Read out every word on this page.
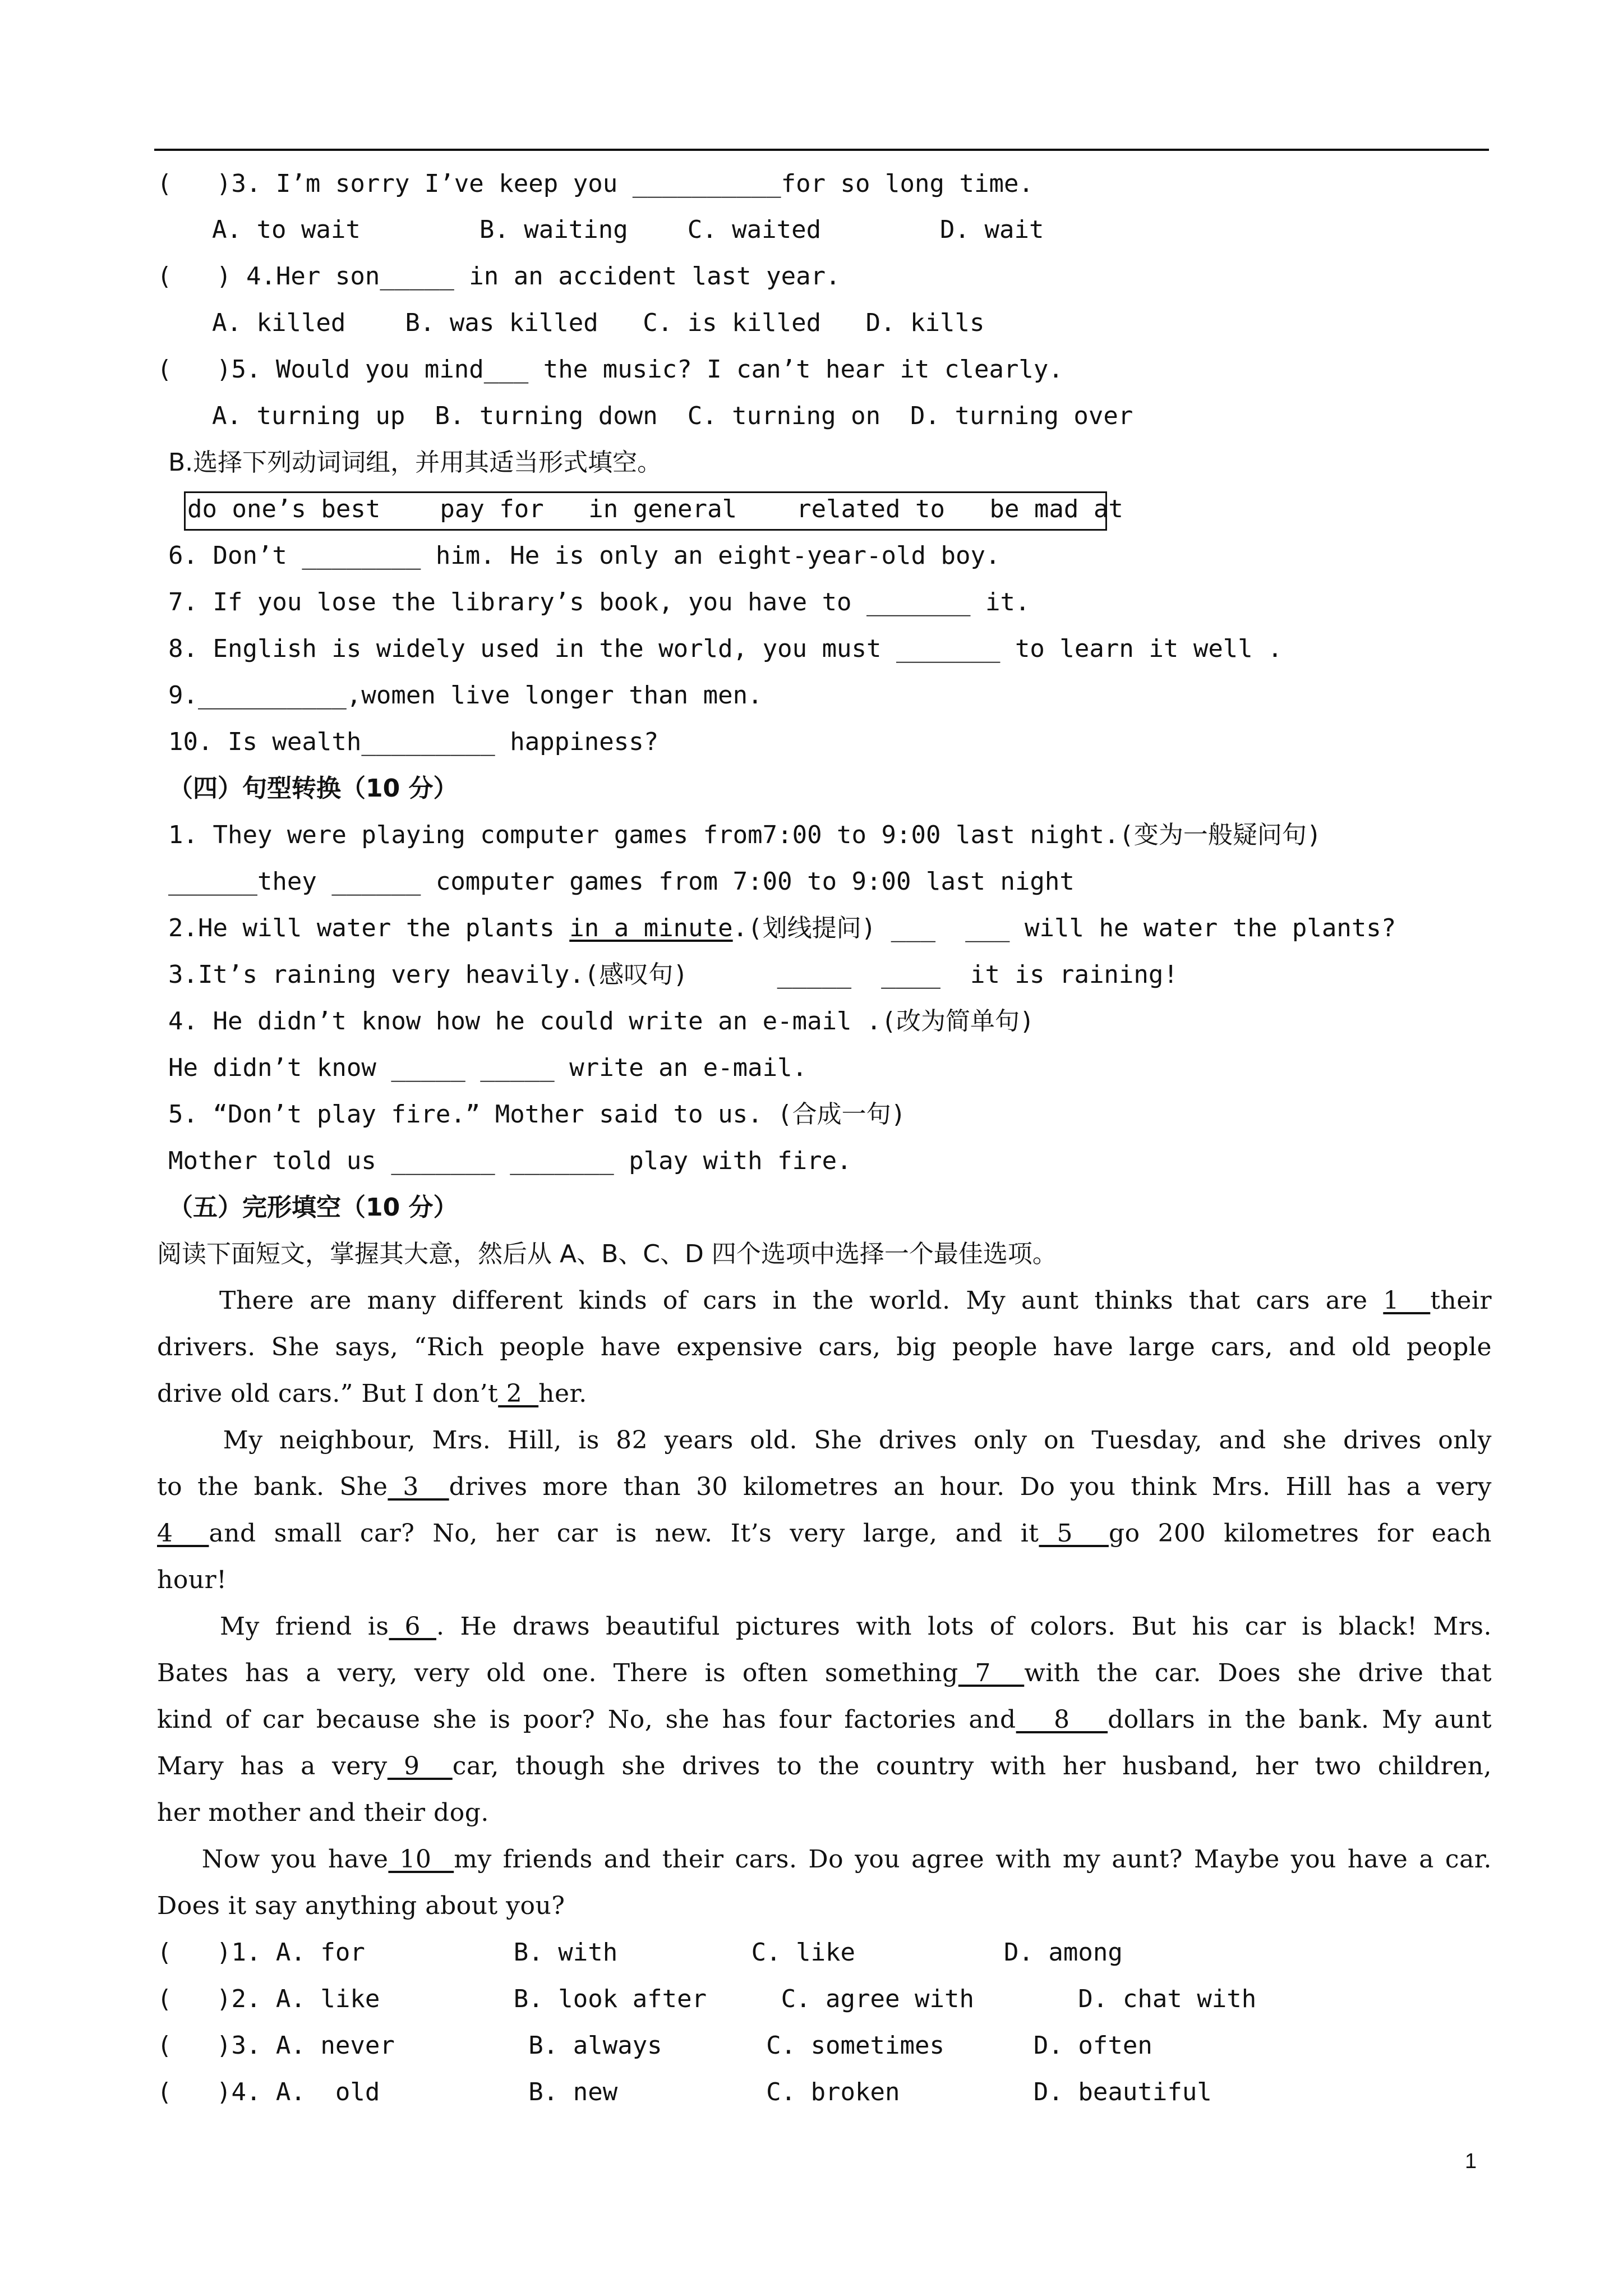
(   )3. I’m sorry I’ve keep you __________for so long time.
A. to wait        B. waiting    C. waited        D. wait
(   ) 4.Her son_____ in an accident last year.
A. killed    B. was killed   C. is killed   D. kills
(   )5. Would you mind___ the music? I can’t hear it clearly.
A. turning up  B. turning down  C. turning on  D. turning over
B.选择下列动词词组，并用其适当形式填空。
do one’s best    pay for   in general    related to   be mad at
6. Don’t ________ him. He is only an eight-year-old boy.
7. If you lose the library’s book, you have to _______ it.
8. English is widely used in the world, you must _______ to learn it well .
9.__________,women live longer than men.
10. Is wealth_________ happiness?
（四）句型转换（10 分）
1. They were playing computer games from7:00 to 9:00 last night.(变为一般疑问句)
______they ______ computer games from 7:00 to 9:00 last night
2.He will water the plants in a minute.(划线提问) ___  ___ will he water the plants?
3.It’s raining very heavily.(感叹句)      _____  ____  it is raining!
4. He didn’t know how he could write an e-mail .(改为简单句)
He didn’t know _____ _____ write an e-mail.
5. “Don’t play fire.” Mother said to us. (合成一句)
Mother told us _______ _______ play with fire.
（五）完形填空（10 分）
阅读下面短文，掌握其大意，然后从 A、B、C、D 四个选项中选择一个最佳选项。
There are many different kinds of cars in the world. My aunt thinks that cars are 1  their
drivers. She says, “Rich people have expensive cars, big people have large cars, and old people
drive old cars.” But I don’t 2  her.
My neighbour, Mrs. Hill, is 82 years old. She drives only on Tuesday, and she drives only
to the bank. She 3  drives more than 30 kilometres an hour. Do you think Mrs. Hill has a very
4  and small car? No, her car is new. It’s very large, and it 5  go 200 kilometres for each
hour!
My friend is 6 . He draws beautiful pictures with lots of colors. But his car is black! Mrs.
Bates has a very, very old one. There is often something 7  with the car. Does she drive that
kind of car because she is poor? No, she has four factories and   8   dollars in the bank. My aunt
Mary has a very 9  car, though she drives to the country with her husband, her two children,
her mother and their dog.
Now you have 10  my friends and their cars. Do you agree with my aunt? Maybe you have a car.
Does it say anything about you?
(   )1. A. for          B. with         C. like          D. among
(   )2. A. like         B. look after     C. agree with       D. chat with
(   )3. A. never         B. always       C. sometimes      D. often
(   )4. A.  old          B. new          C. broken         D. beautiful
1
